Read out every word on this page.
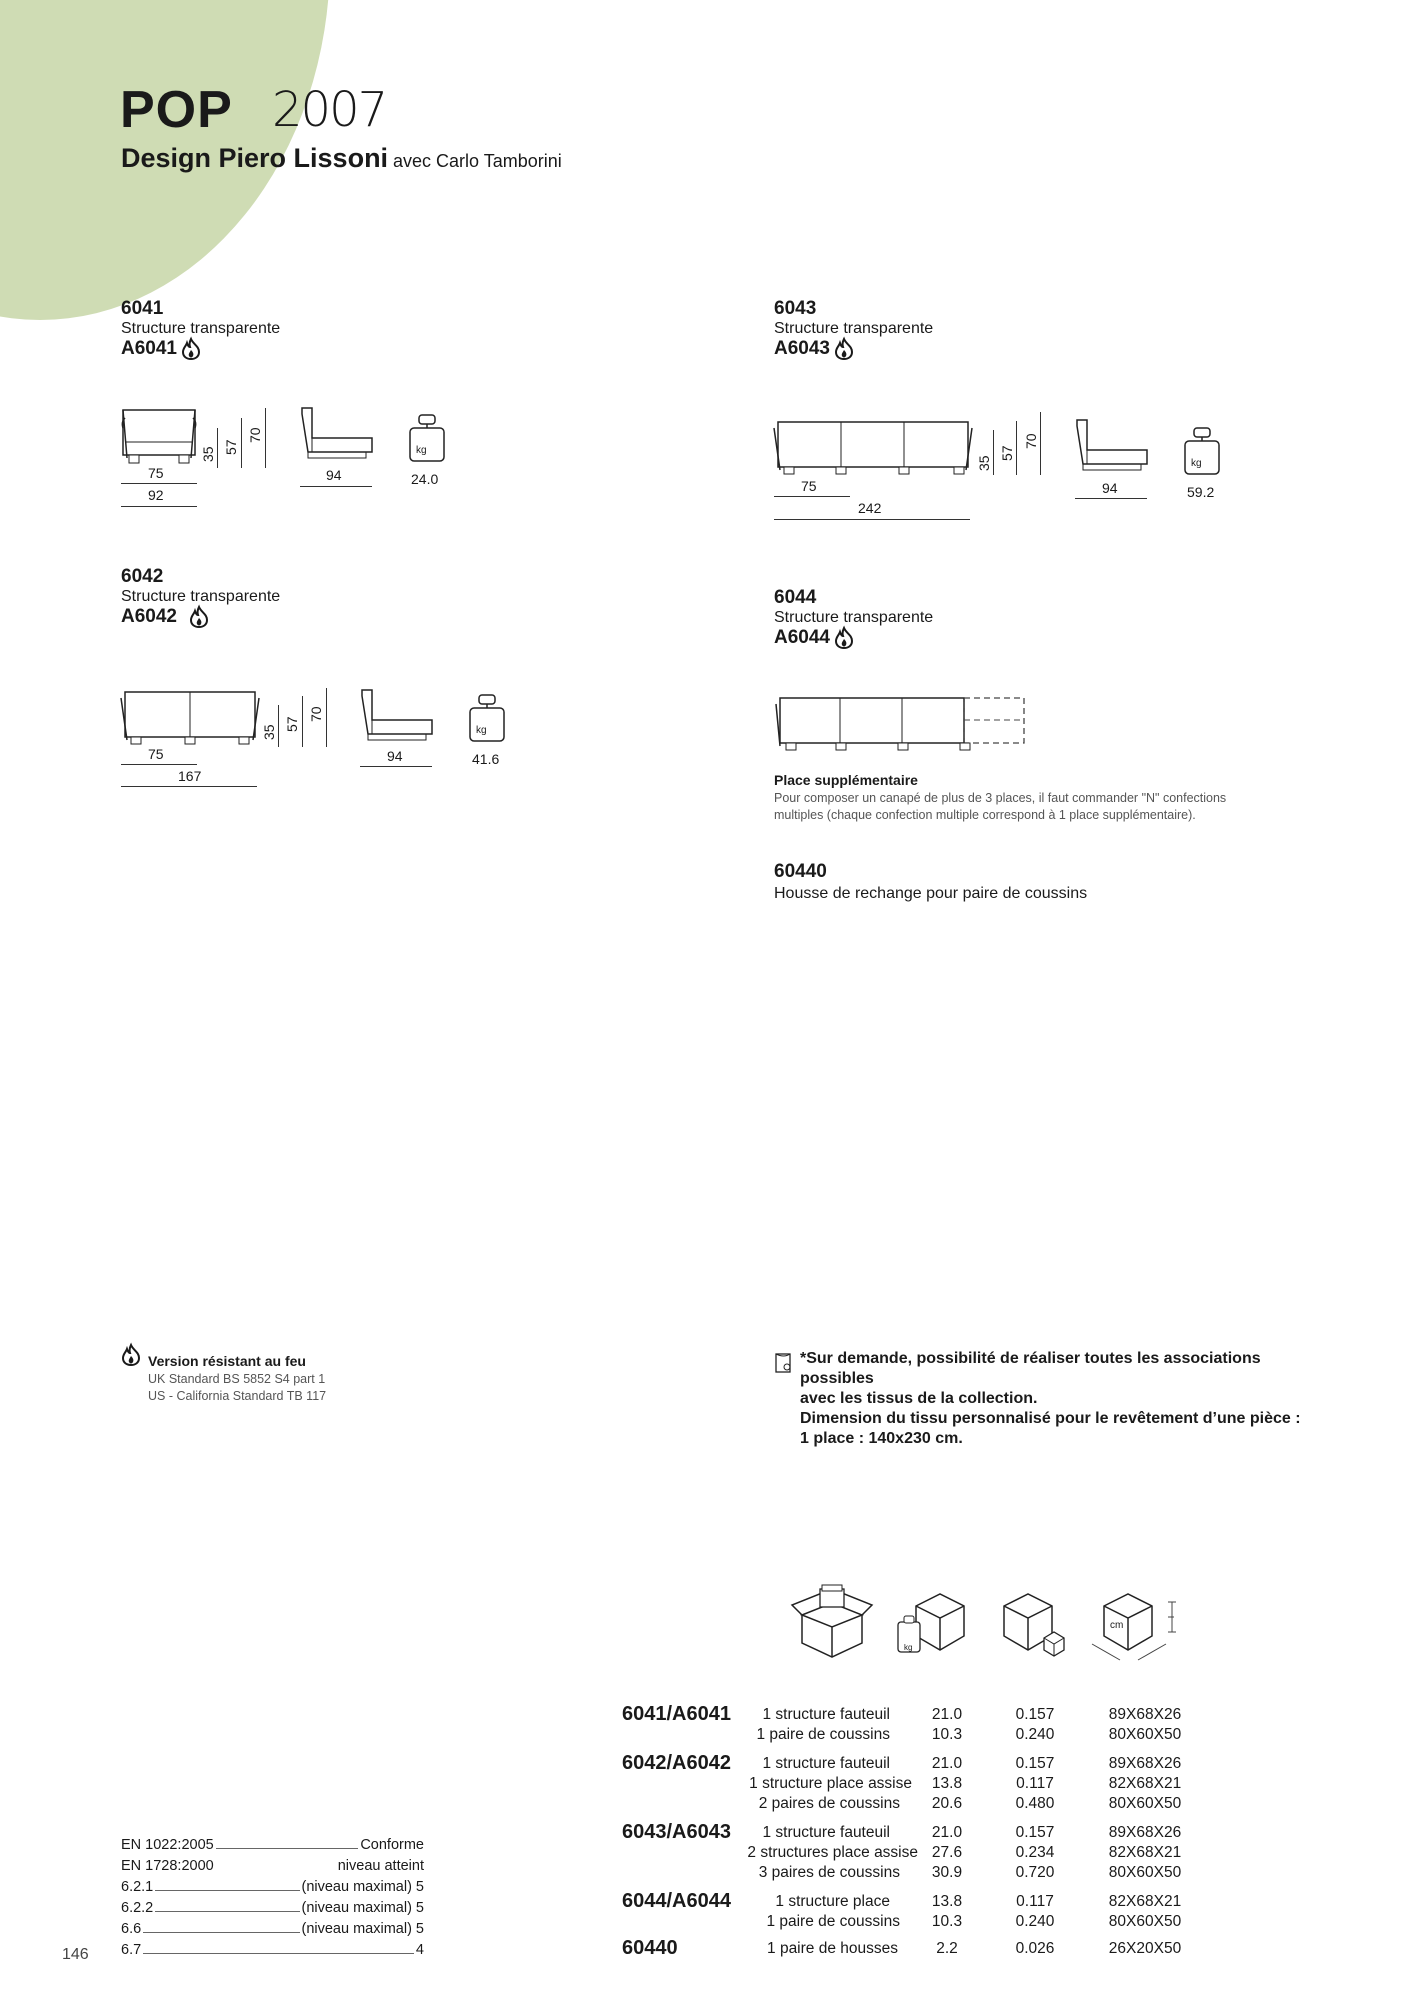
POP 2007
Design Piero Lissoni avec Carlo Tamborini
6041
Structure transparente
A6041
75
92
35 57
70
94
kg
24.0
6042
Structure transparente
A6042
75
167
35
57
70
94
kg
41.6
6043
Structure transparente
A6043
75
242
35
57
70
94
kg
59.2
6044
Structure transparente
A6044
Place supplémentaire
Pour composer un canapé de plus de 3 places, il faut commander "N" confections
multiples (chaque confection multiple correspond à 1 place supplémentaire).
60440
Housse de rechange pour paire de coussins
Version résistant au feu
UK Standard BS 5852 S4 part 1
US - California Standard TB 117
*Sur demande, possibilité de réaliser toutes les associations
possibles
avec les tissus de la collection.
Dimension du tissu personnalisé pour le revêtement d’une pièce :
1 place : 140x230 cm.
EN 1022:2005	Conforme
EN 1728:2000	niveau atteint
6.2.1	(niveau maximal) 5
6.2.2	(niveau maximal) 5
6.6	(niveau maximal) 5
6.7	4
146
kg
cm
6041/A6041	1 structure fauteuil	21.0	0.157	89X68X26
1 paire de coussins	10.3	0.240	80X60X50
6042/A6042	1 structure fauteuil	21.0	0.157	89X68X26
1 structure place assise	13.8	0.117	82X68X21
2 paires de coussins	20.6	0.480	80X60X50
6043/A6043	1 structure fauteuil	21.0	0.157	89X68X26
2 structures place assise 27.6	0.234	82X68X21
3 paires de coussins	30.9	0.720	80X60X50
6044/A6044	1 structure place	13.8	0.117	82X68X21
1 paire de coussins	10.3	0.240	80X60X50
60440	1 paire de housses	2.2	0.026	26X20X50
